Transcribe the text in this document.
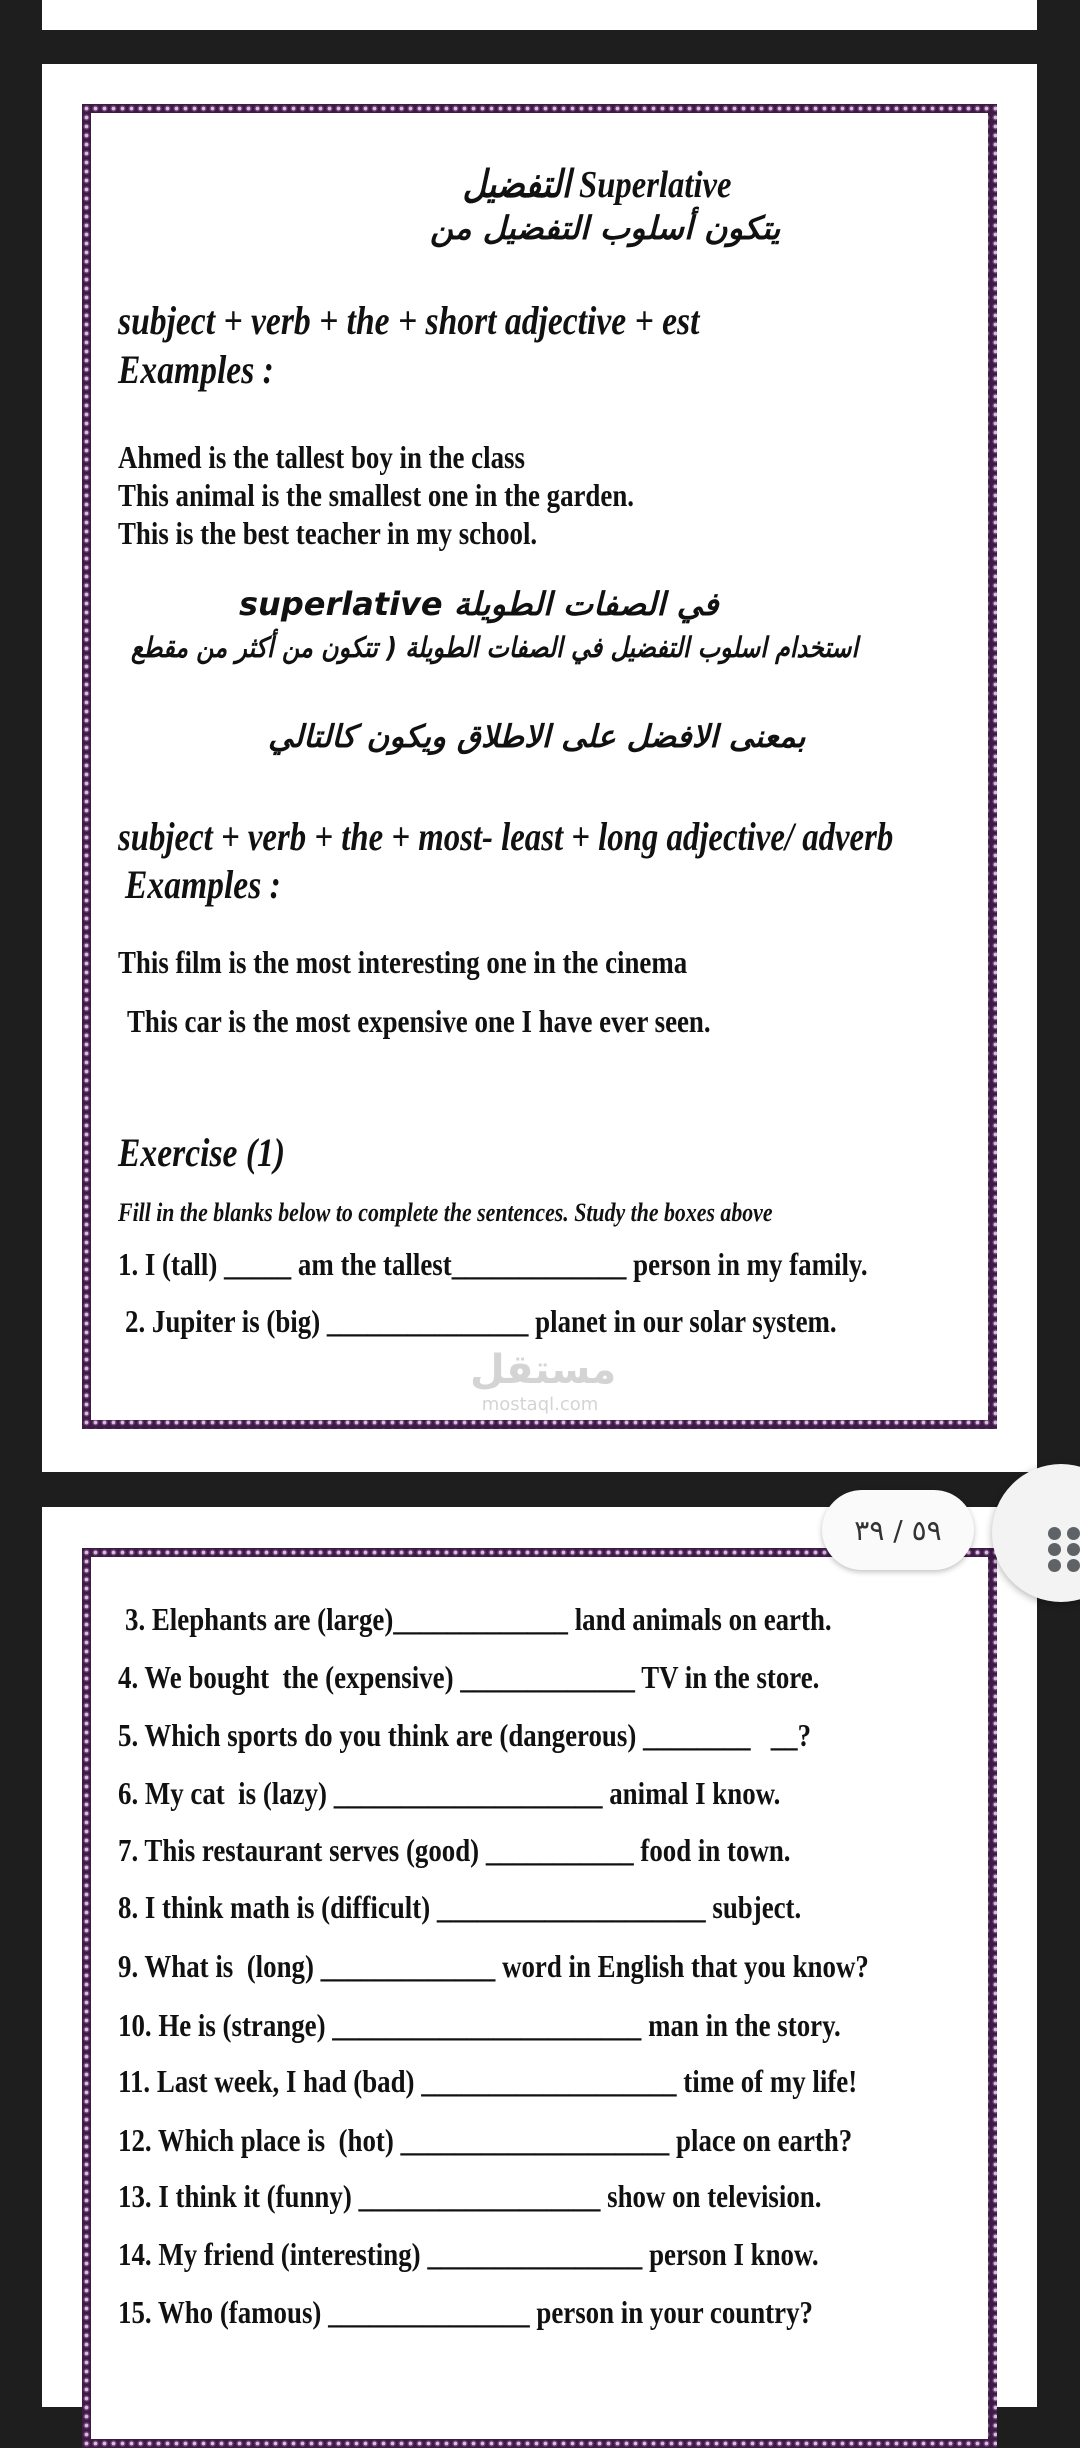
التفضيل Superlative
يتكون أسلوب التفضيل من
subject + verb + the + short adjective + est
Examples :
Ahmed is the tallest boy in the class
This animal is the smallest one in the garden.
This is the best teacher in my school.
في الصفات الطويلة superlative
استخدام اسلوب التفضيل في الصفات الطويلة ( تتكون من أكثر من مقطع
بمعنى الافضل على الاطلاق ويكون كالتالي
subject + verb + the + most- least + long adjective/ adverb
Examples :
This film is the most interesting one in the cinema
This car is the most expensive one I have ever seen.
Exercise (1)
Fill in the blanks below to complete the sentences. Study the boxes above
1. I (tall) _____ am the tallest_____________ person in my family.
2. Jupiter is (big) _______________ planet in our solar system.
مستقل
mostaql.com
3. Elephants are (large)_____________ land animals on earth.
4. We bought  the (expensive) _____________ TV in the store.
5. Which sports do you think are (dangerous) ________   __?
6. My cat  is (lazy) ____________________ animal I know.
7. This restaurant serves (good) ___________ food in town.
8. I think math is (difficult) ____________________ subject.
9. What is  (long) _____________ word in English that you know?
10. He is (strange) _______________________ man in the story.
11. Last week, I had (bad) ___________________ time of my life!
12. Which place is  (hot) ____________________ place on earth?
13. I think it (funny) __________________ show on television.
14. My friend (interesting) ________________ person I know.
15. Who (famous) _______________ person in your country?
٥٩ / ٣٩
